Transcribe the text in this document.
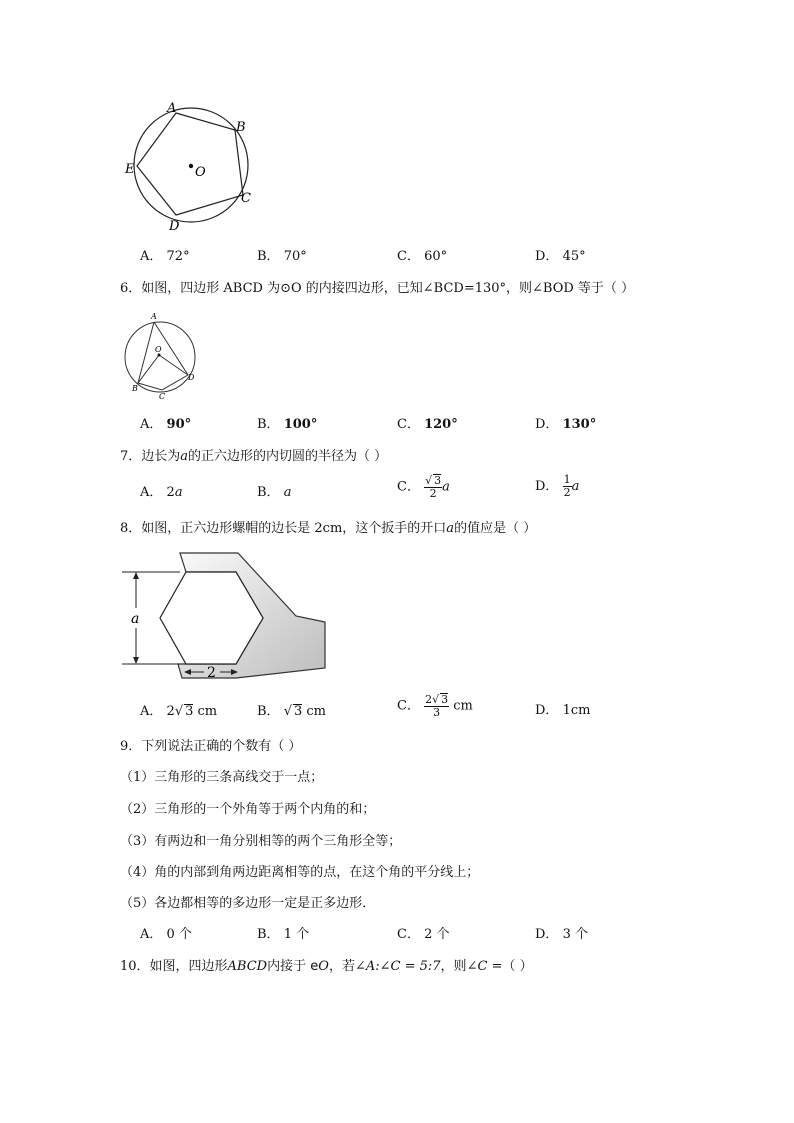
A
B
C
D
E	O
A． 72°	B． 70°	C． 60°	D． 45°
6．如图，四边形 ABCD 为⊙O 的内接四边形，已知∠BCD=130°，则∠BOD 等于（ ）
A
O
B
C
D
A． 90°	B． 100°	C． 120°	D． 130°
7．边长为a的正六边形的内切圆的半径为（ ）
A． 2a	B． a	C． $\frac{√ 3}{2}$ a	D． $\frac{1}{2}$ a
8．如图，正六边形螺帽的边长是 2cm，这个扳手的开口a的值应是（ ）
a
2
A． 2√ 3 cm	B． √ 3 cm	C． $\frac{2√ 3}{3}$ cm	D． 1cm
9．下列说法正确的个数有（ ）
（1）三角形的三条高线交于一点；
（2）三角形的一个外角等于两个内角的和；
（3）有两边和一角分别相等的两个三角形全等；
（4）角的内部到角两边距离相等的点，在这个角的平分线上；
（5）各边都相等的多边形一定是正多边形．
A． 0 个	B． 1 个	C． 2 个	D． 3 个
10．如图，四边形ABCD内接于 eO，若∠A:∠C = 5:7，则∠C =（ ）
